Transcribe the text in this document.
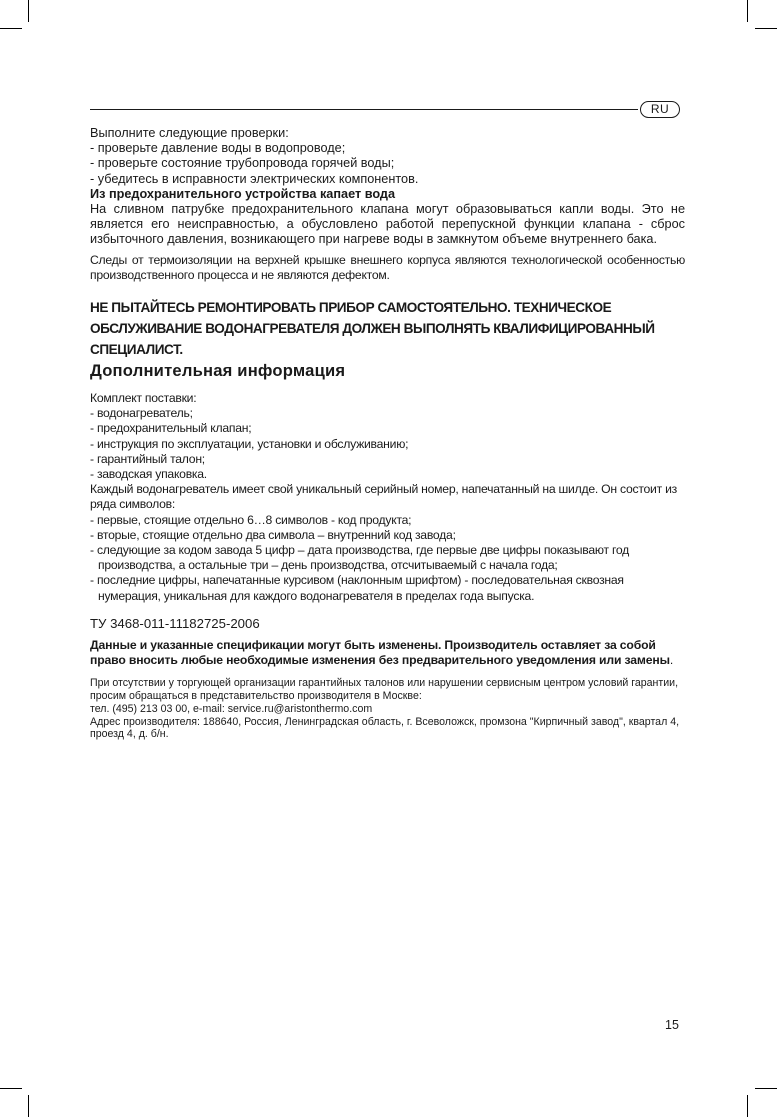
RU

Выполните следующие проверки:

- проверьте давление воды в водопроводе;

- проверьте состояние трубопровода горячей воды;

- убедитесь в исправности электрических компонентов.

Из предохранительного устройства капает вода

На сливном патрубке предохранительного клапана могут образовываться капли воды. Это не является его неисправностью, а обусловлено работой перепускной функции клапана - сброс избыточного давления, возникающего при нагреве воды в замкнутом объеме внутреннего бака.

Следы от термоизоляции на верхней крышке внешнего корпуса являются технологической особенностью производственного процесса и не являются дефектом.

НЕ ПЫТАЙТЕСЬ РЕМОНТИРОВАТЬ ПРИБОР САМОСТОЯТЕЛЬНО. ТЕХНИЧЕСКОЕ ОБСЛУЖИВАНИЕ ВОДОНАГРЕВАТЕЛЯ ДОЛЖЕН ВЫПОЛНЯТЬ КВАЛИФИЦИРОВАННЫЙ СПЕЦИАЛИСТ.

Дополнительная информация

Комплект поставки:

- водонагреватель;

- предохранительный клапан;

- инструкция по эксплуатации, установки и обслуживанию;

- гарантийный талон;

- заводская упаковка.

Каждый водонагреватель имеет свой уникальный серийный номер, напечатанный на шилде. Он состоит из ряда символов:

- первые, стоящие отдельно 6…8 символов - код продукта;

- вторые, стоящие отдельно два символа – внутренний код завода;

- следующие за кодом завода 5 цифр – дата производства, где первые две цифры показывают год производства, а остальные три – день производства, отсчитываемый с начала года;

- последние цифры, напечатанные курсивом (наклонным шрифтом) - последовательная сквозная нумерация, уникальная для каждого водонагревателя в пределах года выпуска.

ТУ 3468-011-11182725-2006

Данные и указанные спецификации могут быть изменены. Производитель оставляет за собой право вносить любые необходимые изменения без предварительного уведомления или замены.

При отсутствии у торгующей организации гарантийных талонов или нарушении сервисным центром условий гарантии, просим обращаться в представительство производителя в Москве:

тел. (495) 213 03 00, e-mail: service.ru@aristonthermo.com

Адрес производителя: 188640, Россия, Ленинградская область, г. Всеволожск, промзона "Кирпичный завод", квартал 4, проезд 4, д. б/н.

15
